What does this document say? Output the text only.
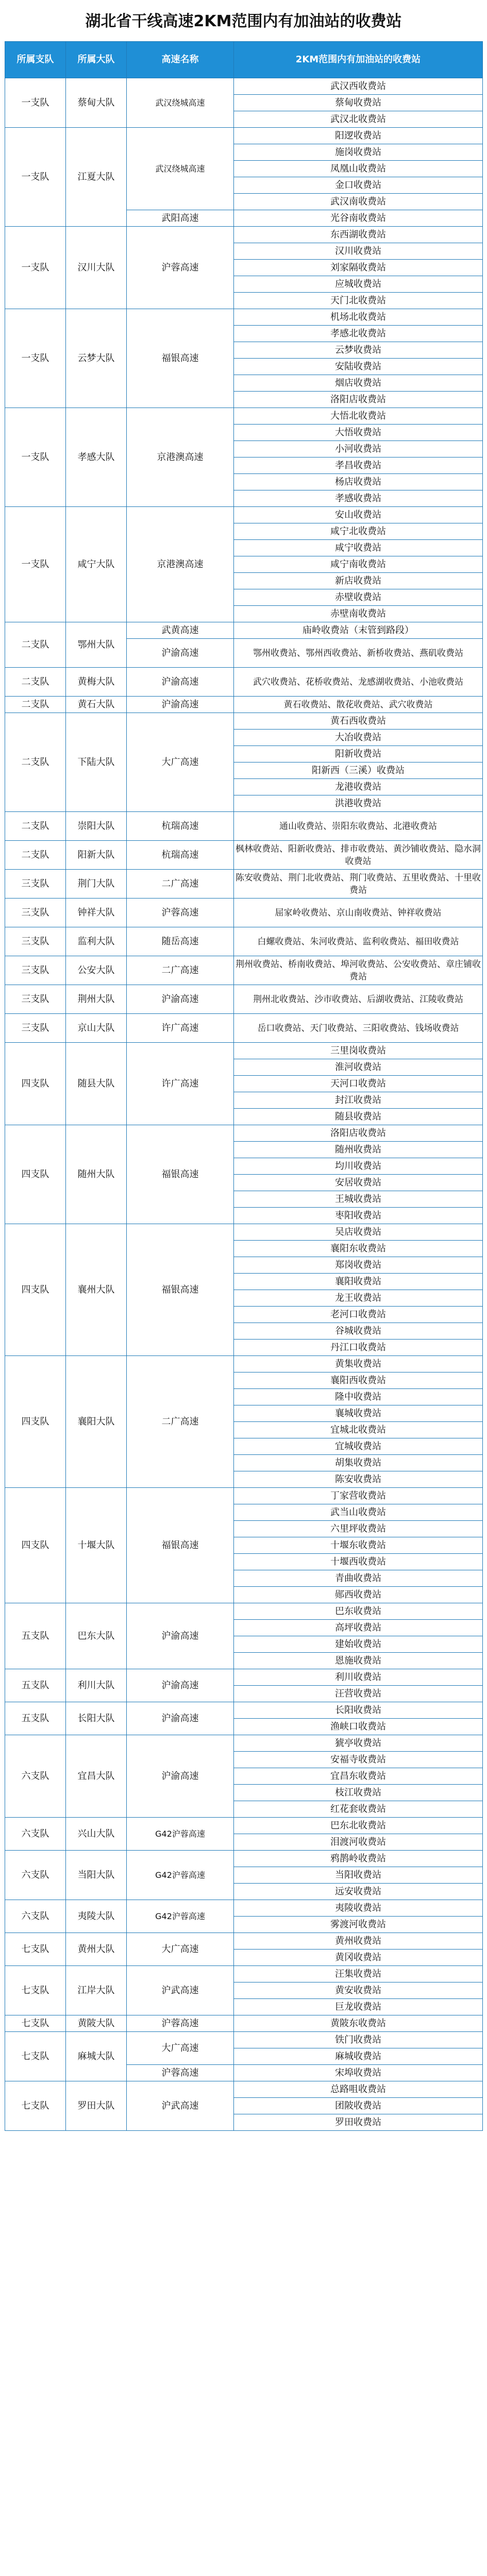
湖北省干线高速2KM范围内有加油站的收费站
所属支队	所属大队	高速名称	2KM范围内有加油站的收费站
一支队	蔡甸大队	武汉绕城高速	武汉西收费站
			蔡甸收费站
			武汉北收费站
一支队	江夏大队	武汉绕城高速	阳逻收费站
			施岗收费站
			凤凰山收费站
			金口收费站
			武汉南收费站
		武阳高速	光谷南收费站
一支队	汉川大队	沪蓉高速	东西湖收费站
			汉川收费站
			刘家隔收费站
			应城收费站
			天门北收费站
一支队	云梦大队	福银高速	机场北收费站
			孝感北收费站
			云梦收费站
			安陆收费站
			烟店收费站
			洛阳店收费站
一支队	孝感大队	京港澳高速	大悟北收费站
			大悟收费站
			小河收费站
			孝昌收费站
			杨店收费站
			孝感收费站
一支队	咸宁大队	京港澳高速	安山收费站
			咸宁北收费站
			咸宁收费站
			咸宁南收费站
			新店收费站
			赤壁收费站
			赤壁南收费站
二支队	鄂州大队	武黄高速	庙岭收费站（末管到路段）
		沪渝高速	鄂州收费站、鄂州西收费站、新桥收费站、燕矶收费站
二支队	黄梅大队	沪渝高速	武穴收费站、花桥收费站、龙感湖收费站、小池收费站
二支队	黄石大队	沪渝高速	黄石收费站、散花收费站、武穴收费站
二支队	下陆大队	大广高速	黄石西收费站
			大冶收费站
			阳新收费站
			阳新西（三溪）收费站
			龙港收费站
			洪港收费站
二支队	崇阳大队	杭瑞高速	通山收费站、崇阳东收费站、北港收费站
二支队	阳新大队	杭瑞高速	枫林收费站、阳新收费站、排市收费站、黄沙铺收费站、隐水洞收费站
三支队	荆门大队	二广高速	陈安收费站、荆门北收费站、荆门收费站、五里收费站、十里收费站
三支队	钟祥大队	沪蓉高速	屈家岭收费站、京山南收费站、钟祥收费站
三支队	监利大队	随岳高速	白螺收费站、朱河收费站、监利收费站、福田收费站
三支队	公安大队	二广高速	荆州收费站、桥南收费站、埠河收费站、公安收费站、章庄铺收费站
三支队	荆州大队	沪渝高速	荆州北收费站、沙市收费站、后湖收费站、江陵收费站
三支队	京山大队	许广高速	岳口收费站、天门收费站、三阳收费站、钱场收费站
四支队	随县大队	许广高速	三里岗收费站
			淮河收费站
			天河口收费站
			封江收费站
			随县收费站
四支队	随州大队	福银高速	洛阳店收费站
			随州收费站
			均川收费站
			安居收费站
			王城收费站
			枣阳收费站
四支队	襄州大队	福银高速	吴店收费站
			襄阳东收费站
			郑岗收费站
			襄阳收费站
			龙王收费站
			老河口收费站
			谷城收费站
			丹江口收费站
四支队	襄阳大队	二广高速	黄集收费站
			襄阳西收费站
			隆中收费站
			襄城收费站
			宜城北收费站
			宜城收费站
			胡集收费站
			陈安收费站
四支队	十堰大队	福银高速	丁家营收费站
			武当山收费站
			六里坪收费站
			十堰东收费站
			十堰西收费站
			青曲收费站
			郧西收费站
五支队	巴东大队	沪渝高速	巴东收费站
			高坪收费站
			建始收费站
			恩施收费站
五支队	利川大队	沪渝高速	利川收费站
			汪营收费站
五支队	长阳大队	沪渝高速	长阳收费站
			渔峡口收费站
六支队	宜昌大队	沪渝高速	猇亭收费站
			安福寺收费站
			宜昌东收费站
			枝江收费站
			红花套收费站
六支队	兴山大队	G42沪蓉高速	巴东北收费站
			泪渡河收费站
六支队	当阳大队	G42沪蓉高速	鸦鹊岭收费站
			当阳收费站
			远安收费站
六支队	夷陵大队	G42沪蓉高速	夷陵收费站
			雾渡河收费站
七支队	黄州大队	大广高速	黄州收费站
			黄冈收费站
七支队	江岸大队	沪武高速	汪集收费站
			黄安收费站
			巨龙收费站
七支队	黄陂大队	沪蓉高速	黄陂东收费站
七支队	麻城大队	大广高速	铁门收费站
			麻城收费站
		沪蓉高速	宋埠收费站
七支队	罗田大队	沪武高速	总路咀收费站
			团陂收费站
			罗田收费站
